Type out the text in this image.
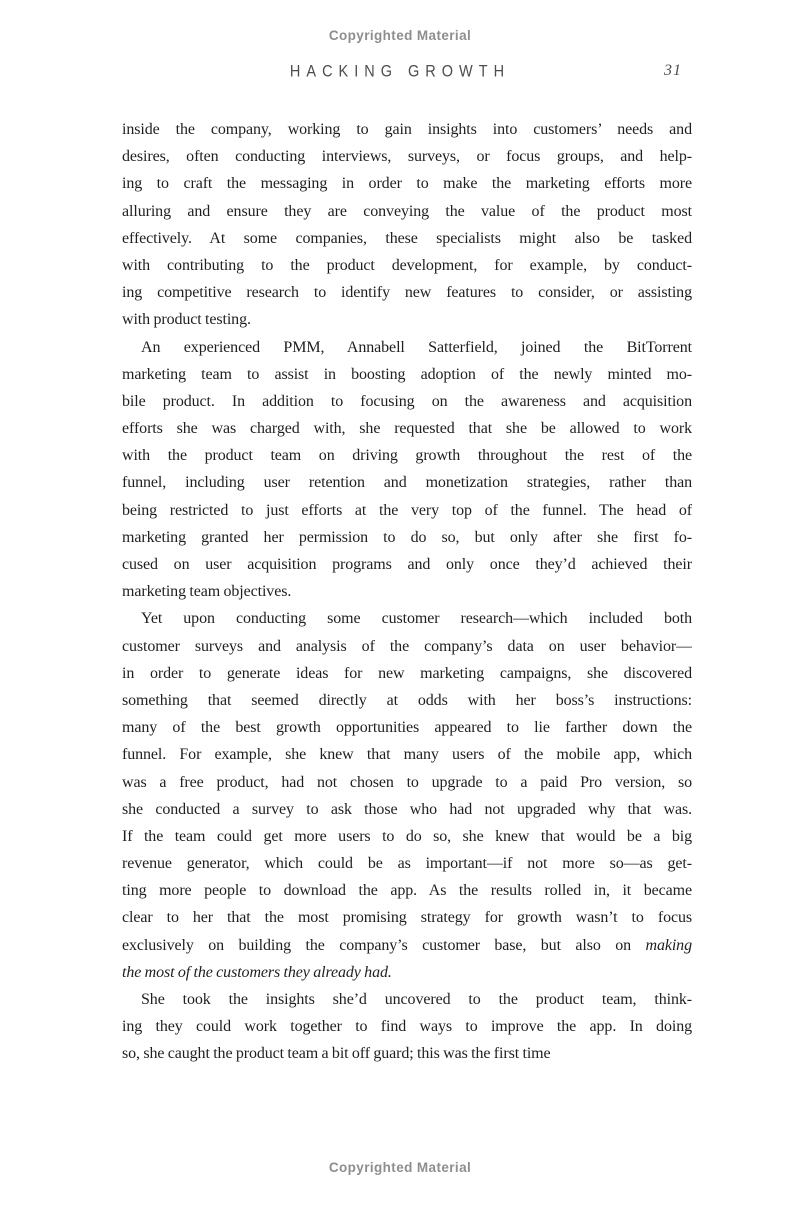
Copyrighted Material
HACKING GROWTH	31
inside the company, working to gain insights into customers’ needs and
desires, often conducting interviews, surveys, or focus groups, and help-
ing to craft the messaging in order to make the marketing efforts more
alluring and ensure they are conveying the value of the product most
effectively. At some companies, these specialists might also be tasked
with contributing to the product development, for example, by conduct-
ing competitive research to identify new features to consider, or assisting
with product testing.
An experienced PMM, Annabell Satterfield, joined the BitTorrent
marketing team to assist in boosting adoption of the newly minted mo-
bile product. In addition to focusing on the awareness and acquisition
efforts she was charged with, she requested that she be allowed to work
with the product team on driving growth throughout the rest of the
funnel, including user retention and monetization strategies, rather than
being restricted to just efforts at the very top of the funnel. The head of
marketing granted her permission to do so, but only after she first fo-
cused on user acquisition programs and only once they’d achieved their
marketing team objectives.
Yet upon conducting some customer research—which included both
customer surveys and analysis of the company’s data on user behavior—
in order to generate ideas for new marketing campaigns, she discovered
something that seemed directly at odds with her boss’s instructions:
many of the best growth opportunities appeared to lie farther down the
funnel. For example, she knew that many users of the mobile app, which
was a free product, had not chosen to upgrade to a paid Pro version, so
she conducted a survey to ask those who had not upgraded why that was.
If the team could get more users to do so, she knew that would be a big
revenue generator, which could be as important—if not more so—as get-
ting more people to download the app. As the results rolled in, it became
clear to her that the most promising strategy for growth wasn’t to focus
exclusively on building the company’s customer base, but also on making
the most of the customers they already had.
She took the insights she’d uncovered to the product team, think-
ing they could work together to find ways to improve the app. In doing
so, she caught the product team a bit off guard; this was the first time
Copyrighted Material
